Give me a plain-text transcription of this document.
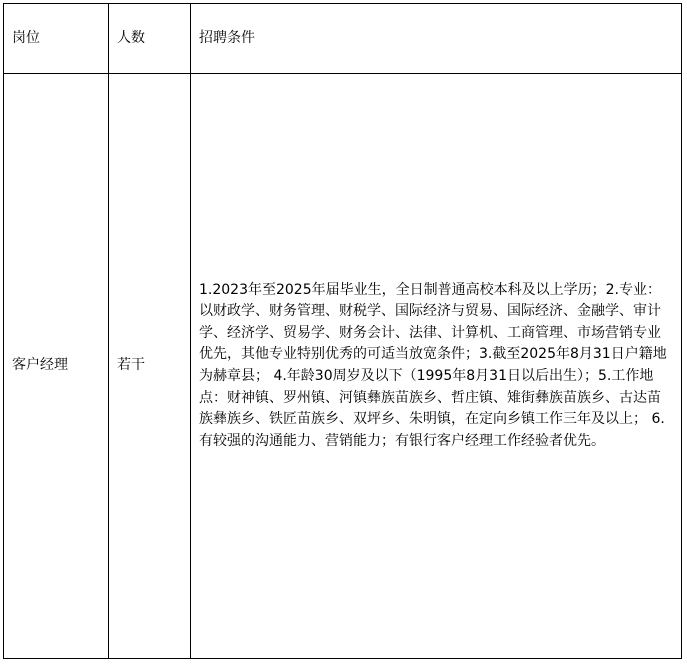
岗位	人数	招聘条件
客户经理	若干	1.2023年至2025年届毕业生，全日制普通高校本科及以上学历；2.专业：以财政学、财务管理、财税学、国际经济与贸易、国际经济、金融学、审计学、经济学、贸易学、财务会计、法律、计算机、工商管理、市场营销专业优先，其他专业特别优秀的可适当放宽条件；3.截至2025年8月31日户籍地为赫章县； 4.年龄30周岁及以下（1995年8月31日以后出生）；5.工作地点：财神镇、罗州镇、河镇彝族苗族乡、哲庄镇、雉街彝族苗族乡、古达苗族彝族乡、铁匠苗族乡、双坪乡、朱明镇，在定向乡镇工作三年及以上； 6.有较强的沟通能力、营销能力；有银行客户经理工作经验者优先。
